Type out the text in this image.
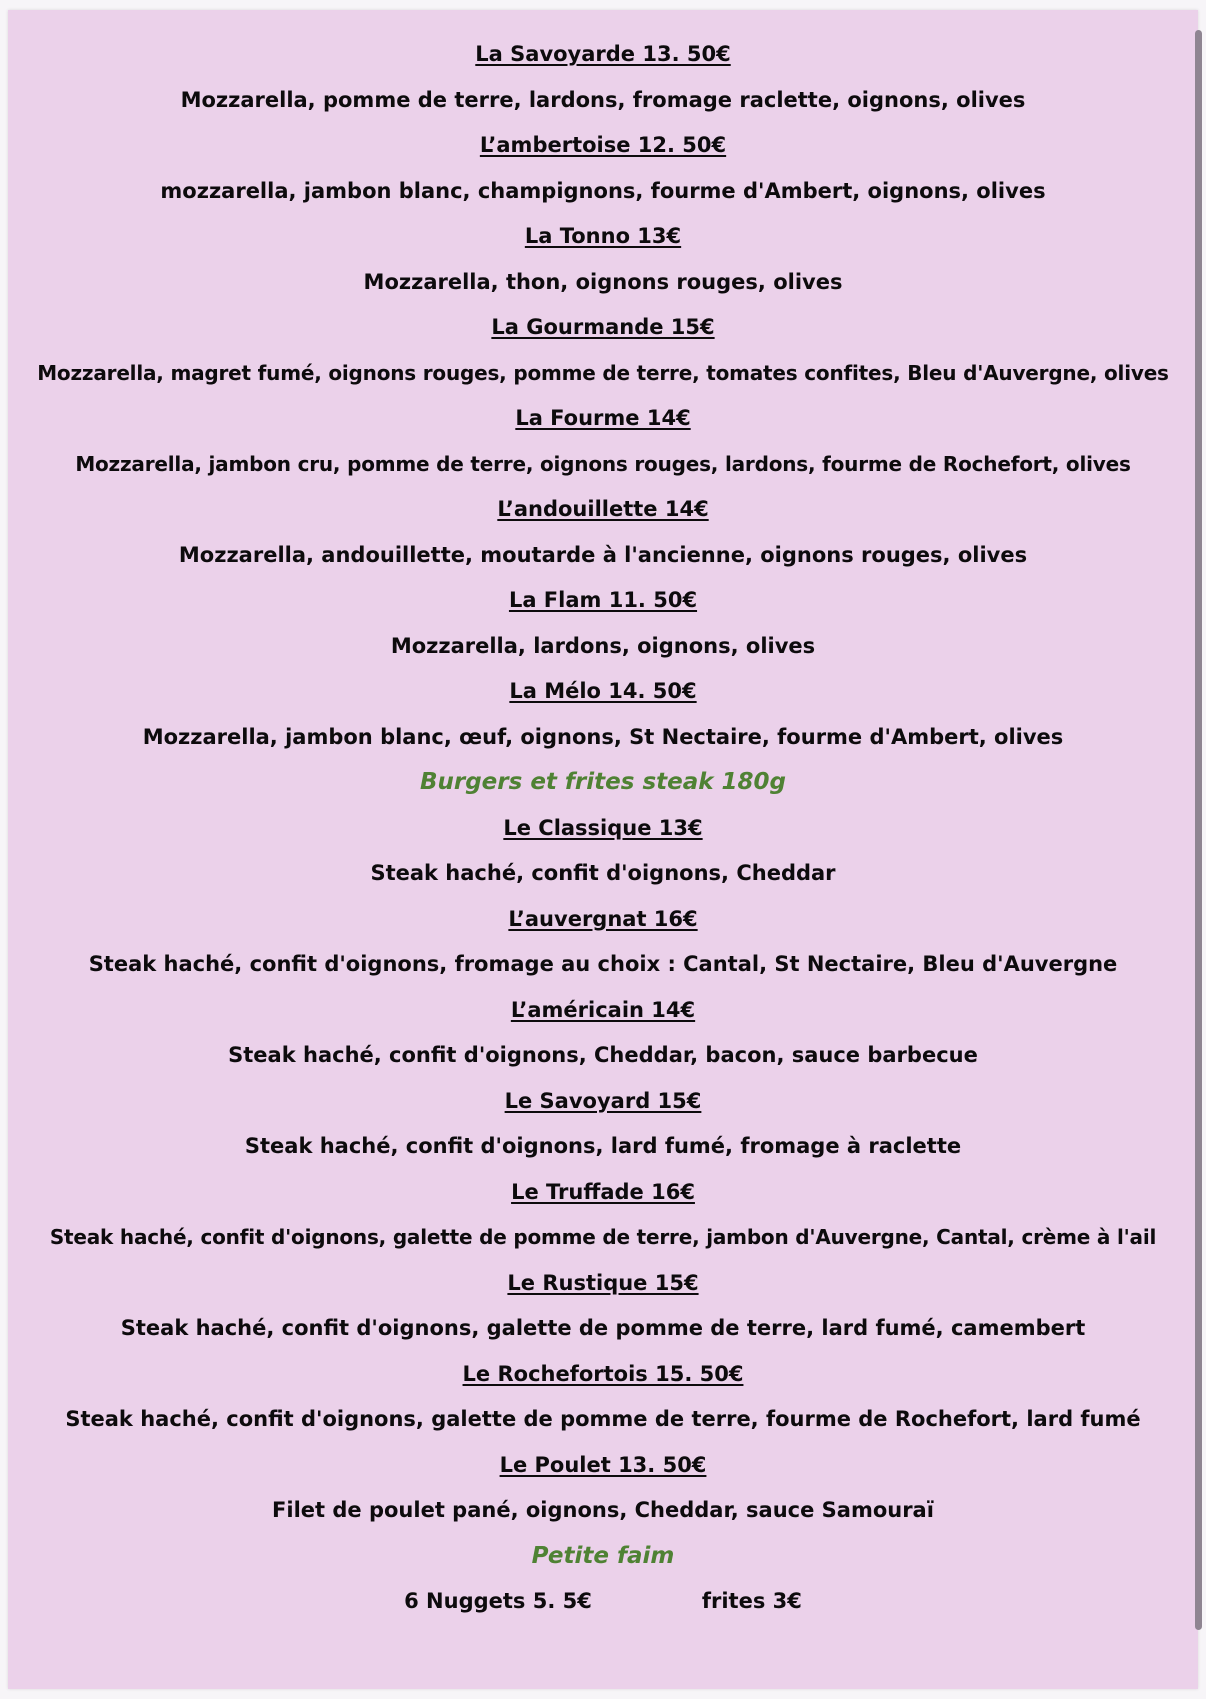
La Savoyarde 13. 50€
Mozzarella, pomme de terre, lardons, fromage raclette, oignons, olives
L’ambertoise 12. 50€
mozzarella, jambon blanc, champignons, fourme d'Ambert, oignons, olives
La Tonno 13€
Mozzarella, thon, oignons rouges, olives
La Gourmande 15€
Mozzarella, magret fumé, oignons rouges, pomme de terre, tomates confites, Bleu d'Auvergne, olives
La Fourme 14€
Mozzarella, jambon cru, pomme de terre, oignons rouges, lardons, fourme de Rochefort, olives
L’andouillette 14€
Mozzarella, andouillette, moutarde à l'ancienne, oignons rouges, olives
La Flam 11. 50€
Mozzarella, lardons, oignons, olives
La Mélo 14. 50€
Mozzarella, jambon blanc, œuf, oignons, St Nectaire, fourme d'Ambert, olives
Burgers et frites steak 180g
Le Classique 13€
Steak haché, confit d'oignons, Cheddar
L’auvergnat 16€
Steak haché, confit d'oignons, fromage au choix : Cantal, St Nectaire, Bleu d'Auvergne
L’américain 14€
Steak haché, confit d'oignons, Cheddar, bacon, sauce barbecue
Le Savoyard 15€
Steak haché, confit d'oignons, lard fumé, fromage à raclette
Le Truffade 16€
Steak haché, confit d'oignons, galette de pomme de terre, jambon d'Auvergne, Cantal, crème à l'ail
Le Rustique 15€
Steak haché, confit d'oignons, galette de pomme de terre, lard fumé, camembert
Le Rochefortois 15. 50€
Steak haché, confit d'oignons, galette de pomme de terre, fourme de Rochefort, lard fumé
Le Poulet 13. 50€
Filet de poulet pané, oignons, Cheddar, sauce Samouraï
Petite faim
6 Nuggets 5. 5€	frites 3€
